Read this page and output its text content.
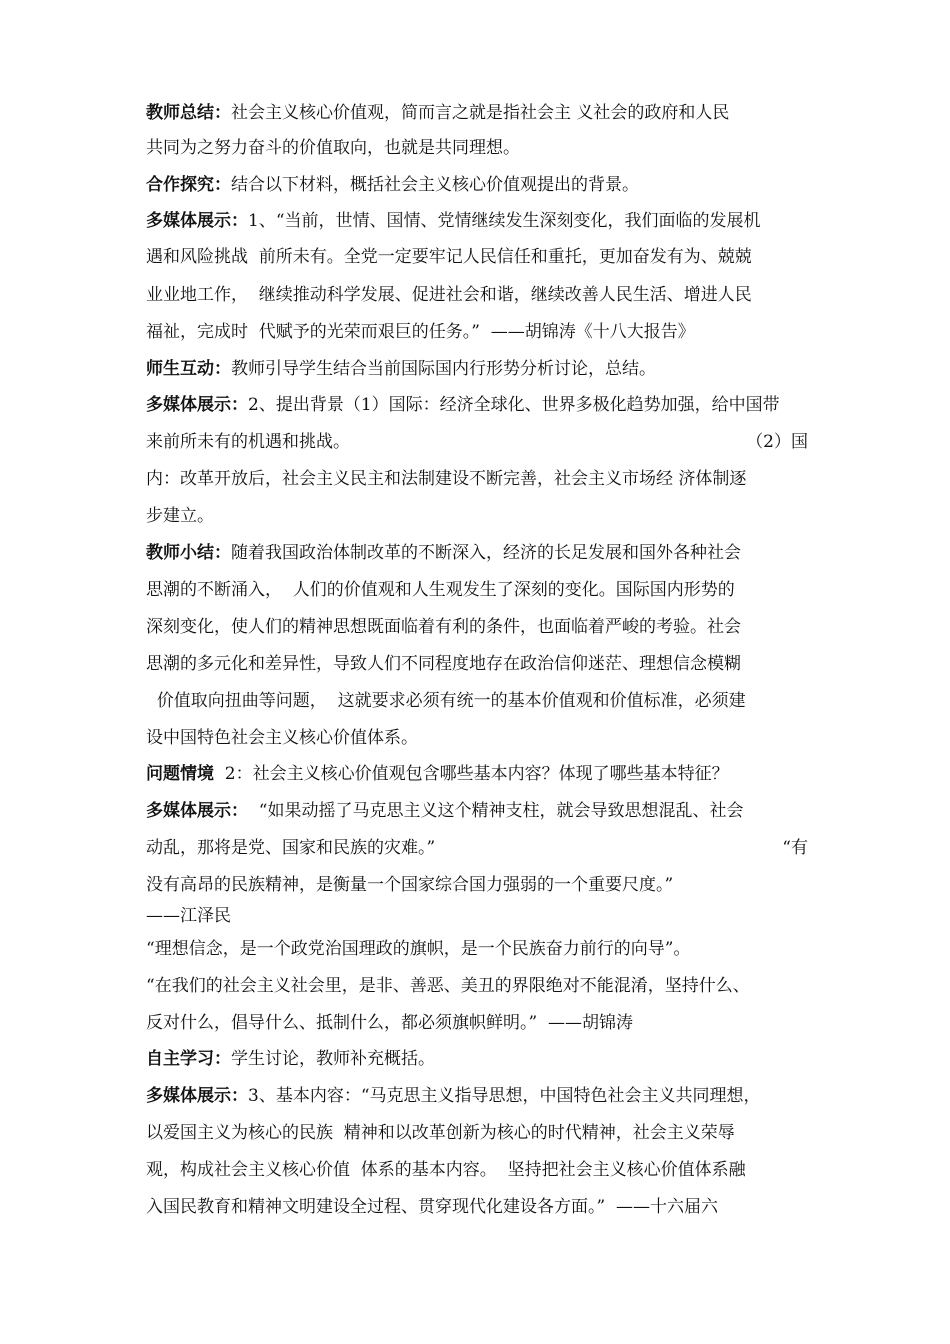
教师总结：社会主义核心价值观，简而言之就是指社会主 义社会的政府和人民
共同为之努力奋斗的价值取向，也就是共同理想。
合作探究：结合以下材料，概括社会主义核心价值观提出的背景。
多媒体展示：1、“当前，世情、国情、党情继续发生深刻变化，我们面临的发展机
遇和风险挑战  前所未有。全党一定要牢记人民信任和重托，更加奋发有为、兢兢
业业地工作，  继续推动科学发展、促进社会和谐，继续改善人民生活、增进人民
福祉，完成时  代赋予的光荣而艰巨的任务。”  ——胡锦涛《十八大报告》
师生互动：教师引导学生结合当前国际国内行形势分析讨论，总结。
多媒体展示：2、提出背景（1）国际：经济全球化、世界多极化趋势加强，给中国带
来前所未有的机遇和挑战。	（2）国
内：改革开放后，社会主义民主和法制建设不断完善，社会主义市场经 济体制逐
步建立。
教师小结：随着我国政治体制改革的不断深入，经济的长足发展和国外各种社会
思潮的不断涌入，  人们的价值观和人生观发生了深刻的变化。国际国内形势的
深刻变化，使人们的精神思想既面临着有利的条件，也面临着严峻的考验。社会
思潮的多元化和差异性，导致人们不同程度地存在政治信仰迷茫、理想信念模糊
价值取向扭曲等问题，  这就要求必须有统一的基本价值观和价值标准，必须建
设中国特色社会主义核心价值体系。
问题情境  2：社会主义核心价值观包含哪些基本内容？体现了哪些基本特征？
多媒体展示：  “如果动摇了马克思主义这个精神支柱，就会导致思想混乱、社会
动乱，那将是党、国家和民族的灾难。”	“有
没有高昂的民族精神，是衡量一个国家综合国力强弱的一个重要尺度。”
——江泽民
“理想信念，是一个政党治国理政的旗帜，是一个民族奋力前行的向导”。
“在我们的社会主义社会里，是非、善恶、美丑的界限绝对不能混淆，坚持什么、
反对什么，倡导什么、抵制什么，都必须旗帜鲜明。”  ——胡锦涛
自主学习：学生讨论，教师补充概括。
多媒体展示：3、基本内容：“马克思主义指导思想，中国特色社会主义共同理想，
以爱国主义为核心的民族  精神和以改革创新为核心的时代精神，社会主义荣辱
观，构成社会主义核心价值  体系的基本内容。  坚持把社会主义核心价值体系融
入国民教育和精神文明建设全过程、贯穿现代化建设各方面。”  ——十六届六
